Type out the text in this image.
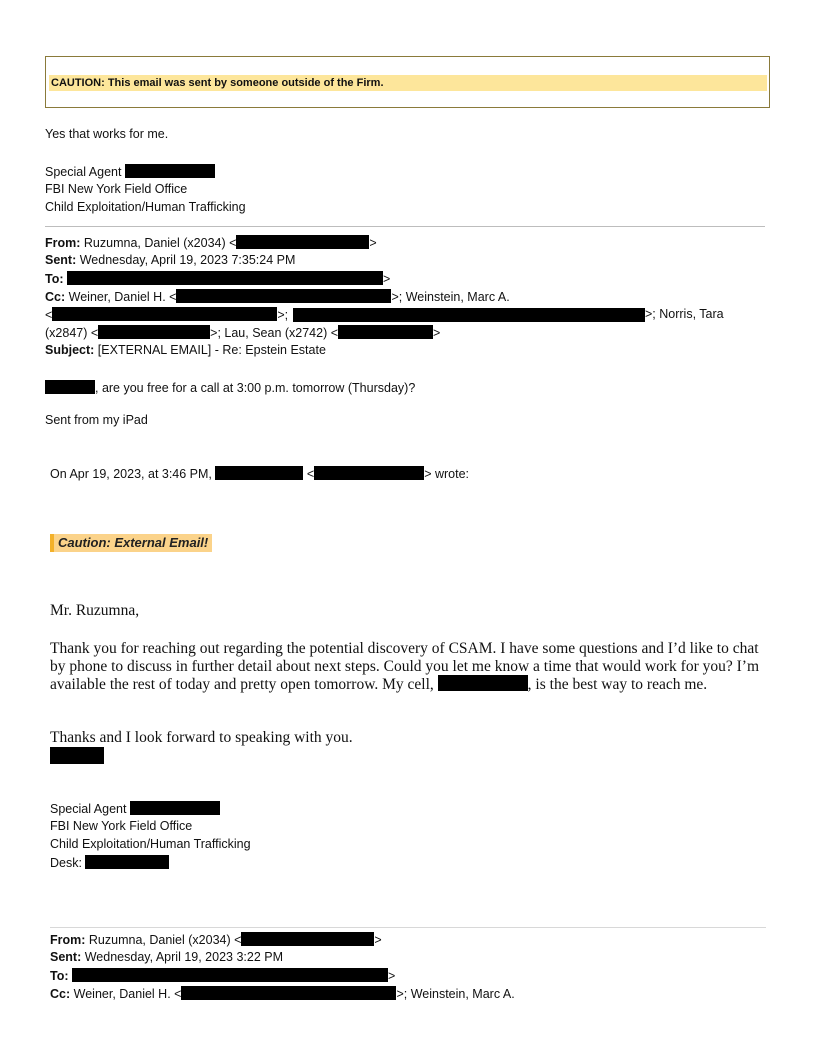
CAUTION: This email was sent by someone outside of the Firm.
Yes that works for me.
Special Agent
FBI New York Field Office
Child Exploitation/Human Trafficking
From: Ruzumna, Daniel (x2034) <	>
Sent: Wednesday, April 19, 2023 7:35:24 PM
To:	>
Cc: Weiner, Daniel H. <	>; Weinstein, Marc A.
<	>;	>; Norris, Tara
(x2847) <	>; Lau, Sean (x2742) <	>
Subject: [EXTERNAL EMAIL] - Re: Epstein Estate
, are you free for a call at 3:00 p.m. tomorrow (Thursday)?
Sent from my iPad
On Apr 19, 2023, at 3:46 PM,	<	> wrote:
Caution: External Email!
Mr. Ruzumna,
Thank you for reaching out regarding the potential discovery of CSAM. I have some questions and I’d like to chat by phone to discuss in further detail about next steps. Could you let me know a time that would work for you? I’m available the rest of today and pretty open tomorrow. My cell,	, is the best way to reach me.
Thanks and I look forward to speaking with you.
Special Agent
FBI New York Field Office
Child Exploitation/Human Trafficking
Desk:
From: Ruzumna, Daniel (x2034) <	>
Sent: Wednesday, April 19, 2023 3:22 PM
To:	>
Cc: Weiner, Daniel H. <	>; Weinstein, Marc A.
